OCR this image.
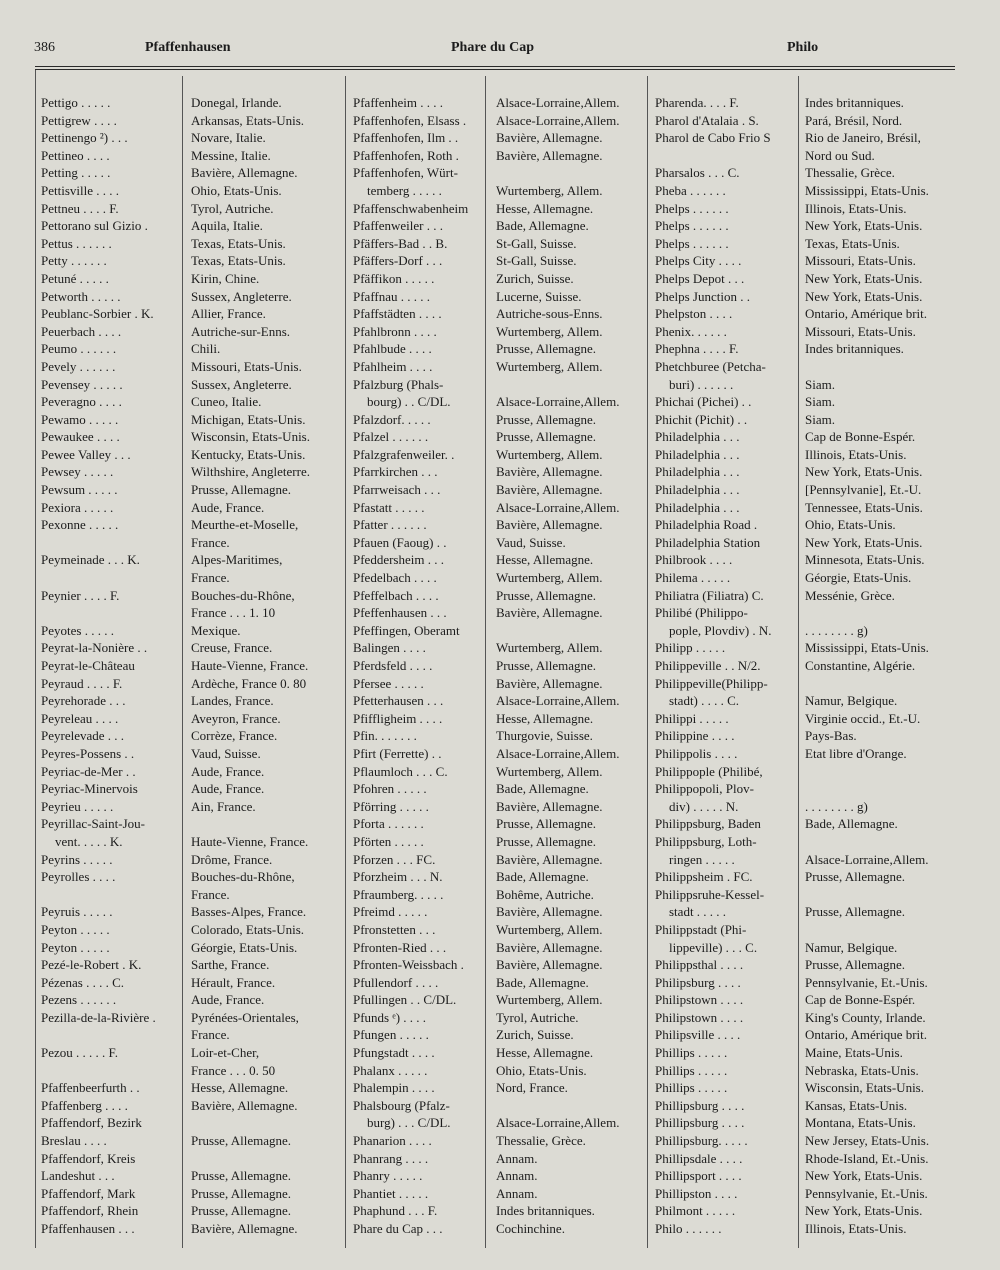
386	Pfaffenhausen	Phare du Cap	Philo
Pettigo . . . . .	Donegal, Irlande.
Pettigrew . . . .	Arkansas, Etats-Unis.
Pettinengo ²) . . .	Novare, Italie.
Pettineo . . . .	Messine, Italie.
Petting . . . . .	Bavière, Allemagne.
Pettisville . . . .	Ohio, Etats-Unis.
Pettneu . . . . F.	Tyrol, Autriche.
Pettorano sul Gizio .	Aquila, Italie.
Pettus . . . . . .	Texas, Etats-Unis.
Petty . . . . . .	Texas, Etats-Unis.
Petuné . . . . .	Kirin, Chine.
Petworth . . . . .	Sussex, Angleterre.
Peublanc-Sorbier . K.	Allier, France.
Peuerbach . . . .	Autriche-sur-Enns.
Peumo . . . . . .	Chili.
Pevely . . . . . .	Missouri, Etats-Unis.
Pevensey . . . . .	Sussex, Angleterre.
Peveragno . . . .	Cuneo, Italie.
Pewamo . . . . .	Michigan, Etats-Unis.
Pewaukee . . . .	Wisconsin, Etats-Unis.
Pewee Valley . . .	Kentucky, Etats-Unis.
Pewsey . . . . .	Wilthshire, Angleterre.
Pewsum . . . . .	Prusse, Allemagne.
Pexiora . . . . .	Aude, France.
Pexonne . . . . .	Meurthe-et-Moselle,
France.
Peymeinade . . . K.	Alpes-Maritimes,
France.
Peynier . . . . F.	Bouches-du-Rhône,
France . . . 1. 10
Peyotes . . . . .	Mexique.
Peyrat-la-Nonière . .	Creuse, France.
Peyrat-le-Château	Haute-Vienne, France.
Peyraud . . . . F.	Ardèche, France 0. 80
Peyrehorade . . .	Landes, France.
Peyreleau . . . .	Aveyron, France.
Peyrelevade . . .	Corrèze, France.
Peyres-Possens . .	Vaud, Suisse.
Peyriac-de-Mer . .	Aude, France.
Peyriac-Minervois	Aude, France.
Peyrieu . . . . .	Ain, France.
Peyrillac-Saint-Jou-
vent. . . . . K.	Haute-Vienne, France.
Peyrins . . . . .	Drôme, France.
Peyrolles . . . .	Bouches-du-Rhône,
France.
Peyruis . . . . .	Basses-Alpes, France.
Peyton . . . . .	Colorado, Etats-Unis.
Peyton . . . . .	Géorgie, Etats-Unis.
Pezé-le-Robert . K.	Sarthe, France.
Pézenas . . . . C.	Hérault, France.
Pezens . . . . . .	Aude, France.
Pezilla-de-la-Rivière .	Pyrénées-Orientales,
France.
Pezou . . . . . F.	Loir-et-Cher,
France . . . 0. 50
Pfaffenbeerfurth . .	Hesse, Allemagne.
Pfaffenberg . . . .	Bavière, Allemagne.
Pfaffendorf, Bezirk
Breslau . . . .	Prusse, Allemagne.
Pfaffendorf, Kreis
Landeshut . . .	Prusse, Allemagne.
Pfaffendorf, Mark	Prusse, Allemagne.
Pfaffendorf, Rhein	Prusse, Allemagne.
Pfaffenhausen . . .	Bavière, Allemagne.
Pfaffenheim . . . .	Alsace-Lorraine,Allem.
Pfaffenhofen, Elsass . Alsace-Lorraine,Allem.
Pfaffenhofen, Ilm . .	Bavière, Allemagne.
Pfaffenhofen, Roth .	Bavière, Allemagne.
Pfaffenhofen, Würt-
temberg . . . . .	Wurtemberg, Allem.
Pfaffenschwabenheim Hesse, Allemagne.
Pfaffenweiler . . .	Bade, Allemagne.
Pfäffers-Bad . . B.	St-Gall, Suisse.
Pfäffers-Dorf . . .	St-Gall, Suisse.
Pfäffikon . . . . .	Zurich, Suisse.
Pfaffnau . . . . .	Lucerne, Suisse.
Pfaffstädten . . . .	Autriche-sous-Enns.
Pfahlbronn . . . .	Wurtemberg, Allem.
Pfahlbude . . . .	Prusse, Allemagne.
Pfahlheim . . . .	Wurtemberg, Allem.
Pfalzburg (Phals-
bourg) . . C/DL.	Alsace-Lorraine,Allem.
Pfalzdorf. . . . .	Prusse, Allemagne.
Pfalzel . . . . . .	Prusse, Allemagne.
Pfalzgrafenweiler. .	Wurtemberg, Allem.
Pfarrkirchen . . .	Bavière, Allemagne.
Pfarrweisach . . .	Bavière, Allemagne.
Pfastatt . . . . .	Alsace-Lorraine,Allem.
Pfatter . . . . . .	Bavière, Allemagne.
Pfauen (Faoug) . .	Vaud, Suisse.
Pfeddersheim . . .	Hesse, Allemagne.
Pfedelbach . . . .	Wurtemberg, Allem.
Pfeffelbach . . . .	Prusse, Allemagne.
Pfeffenhausen . . .	Bavière, Allemagne.
Pfeffingen, Oberamt
Balingen . . . .	Wurtemberg, Allem.
Pferdsfeld . . . .	Prusse, Allemagne.
Pfersee . . . . .	Bavière, Allemagne.
Pfetterhausen . . .	Alsace-Lorraine,Allem.
Pfiffligheim . . . .	Hesse, Allemagne.
Pfin. . . . . . .	Thurgovie, Suisse.
Pfirt (Ferrette) . .	Alsace-Lorraine,Allem.
Pflaumloch . . . C.	Wurtemberg, Allem.
Pfohren . . . . .	Bade, Allemagne.
Pförring . . . . .	Bavière, Allemagne.
Pforta . . . . . .	Prusse, Allemagne.
Pförten . . . . .	Prusse, Allemagne.
Pforzen . . . FC.	Bavière, Allemagne.
Pforzheim . . . N.	Bade, Allemagne.
Pfraumberg. . . . .	Bohême, Autriche.
Pfreimd . . . . .	Bavière, Allemagne.
Pfronstetten . . .	Wurtemberg, Allem.
Pfronten-Ried . . .	Bavière, Allemagne.
Pfronten-Weissbach . Bavière, Allemagne.
Pfullendorf . . . .	Bade, Allemagne.
Pfullingen . . C/DL.	Wurtemberg, Allem.
Pfunds ᵉ) . . . .	Tyrol, Autriche.
Pfungen . . . . .	Zurich, Suisse.
Pfungstadt . . . .	Hesse, Allemagne.
Phalanx . . . . .	Ohio, Etats-Unis.
Phalempin . . . .	Nord, France.
Phalsbourg (Pfalz-
burg) . . . C/DL.	Alsace-Lorraine,Allem.
Phanarion . . . .	Thessalie, Grèce.
Phanrang . . . .	Annam.
Phanry . . . . .	Annam.
Phantiet . . . . .	Annam.
Phaphund . . . F.	Indes britanniques.
Phare du Cap . . .	Cochinchine.
Pharenda. . . . F.	Indes britanniques.
Pharol d'Atalaia . S.	Pará, Brésil, Nord.
Pharol de Cabo Frio S	Rio de Janeiro, Brésil,
Nord ou Sud.
Pharsalos . . . C.	Thessalie, Grèce.
Pheba . . . . . .	Mississippi, Etats-Unis.
Phelps . . . . . .	Illinois, Etats-Unis.
Phelps . . . . . .	New York, Etats-Unis.
Phelps . . . . . .	Texas, Etats-Unis.
Phelps City . . . .	Missouri, Etats-Unis.
Phelps Depot . . .	New York, Etats-Unis.
Phelps Junction . .	New York, Etats-Unis.
Phelpston . . . .	Ontario, Amérique brit.
Phenix. . . . . .	Missouri, Etats-Unis.
Phephna . . . . F.	Indes britanniques.
Phetchburee (Petcha-
buri) . . . . . .	Siam.
Phichai (Pichei) . .	Siam.
Phichit (Pichit) . .	Siam.
Philadelphia . . .	Cap de Bonne-Espér.
Philadelphia . . .	Illinois, Etats-Unis.
Philadelphia . . .	New York, Etats-Unis.
Philadelphia . . .	[Pennsylvanie], Et.-U.
Philadelphia . . .	Tennessee, Etats-Unis.
Philadelphia Road .	Ohio, Etats-Unis.
Philadelphia Station	New York, Etats-Unis.
Philbrook . . . .	Minnesota, Etats-Unis.
Philema . . . . .	Géorgie, Etats-Unis.
Philiatra (Filiatra) C.	Messénie, Grèce.
Philibé (Philippo-
pople, Plovdiv) . N.	. . . . . . . . g)
Philipp . . . . .	Mississippi, Etats-Unis.
Philippeville . . N/2.	Constantine, Algérie.
Philippeville(Philipp-
stadt) . . . . C.	Namur, Belgique.
Philippi . . . . .	Virginie occid., Et.-U.
Philippine . . . .	Pays-Bas.
Philippolis . . . .	Etat libre d'Orange.
Philippople (Philibé,
Philippopoli, Plov-
div) . . . . . N.	. . . . . . . . g)
Philippsburg, Baden	Bade, Allemagne.
Philippsburg, Loth-
ringen . . . . .	Alsace-Lorraine,Allem.
Philippsheim . FC.	Prusse, Allemagne.
Philippsruhe-Kessel-
stadt . . . . .	Prusse, Allemagne.
Philippstadt (Phi-
lippeville) . . . C.	Namur, Belgique.
Philippsthal . . . .	Prusse, Allemagne.
Philipsburg . . . .	Pennsylvanie, Et.-Unis.
Philipstown . . . .	Cap de Bonne-Espér.
Philipstown . . . .	King's County, Irlande.
Philipsville . . . .	Ontario, Amérique brit.
Phillips . . . . .	Maine, Etats-Unis.
Phillips . . . . .	Nebraska, Etats-Unis.
Phillips . . . . .	Wisconsin, Etats-Unis.
Phillipsburg . . . .	Kansas, Etats-Unis.
Phillipsburg . . . .	Montana, Etats-Unis.
Phillipsburg. . . . .	New Jersey, Etats-Unis.
Phillipsdale . . . .	Rhode-Island, Et.-Unis.
Phillipsport . . . .	New York, Etats-Unis.
Phillipston . . . .	Pennsylvanie, Et.-Unis.
Philmont . . . . .	New York, Etats-Unis.
Philo . . . . . .	Illinois, Etats-Unis.
